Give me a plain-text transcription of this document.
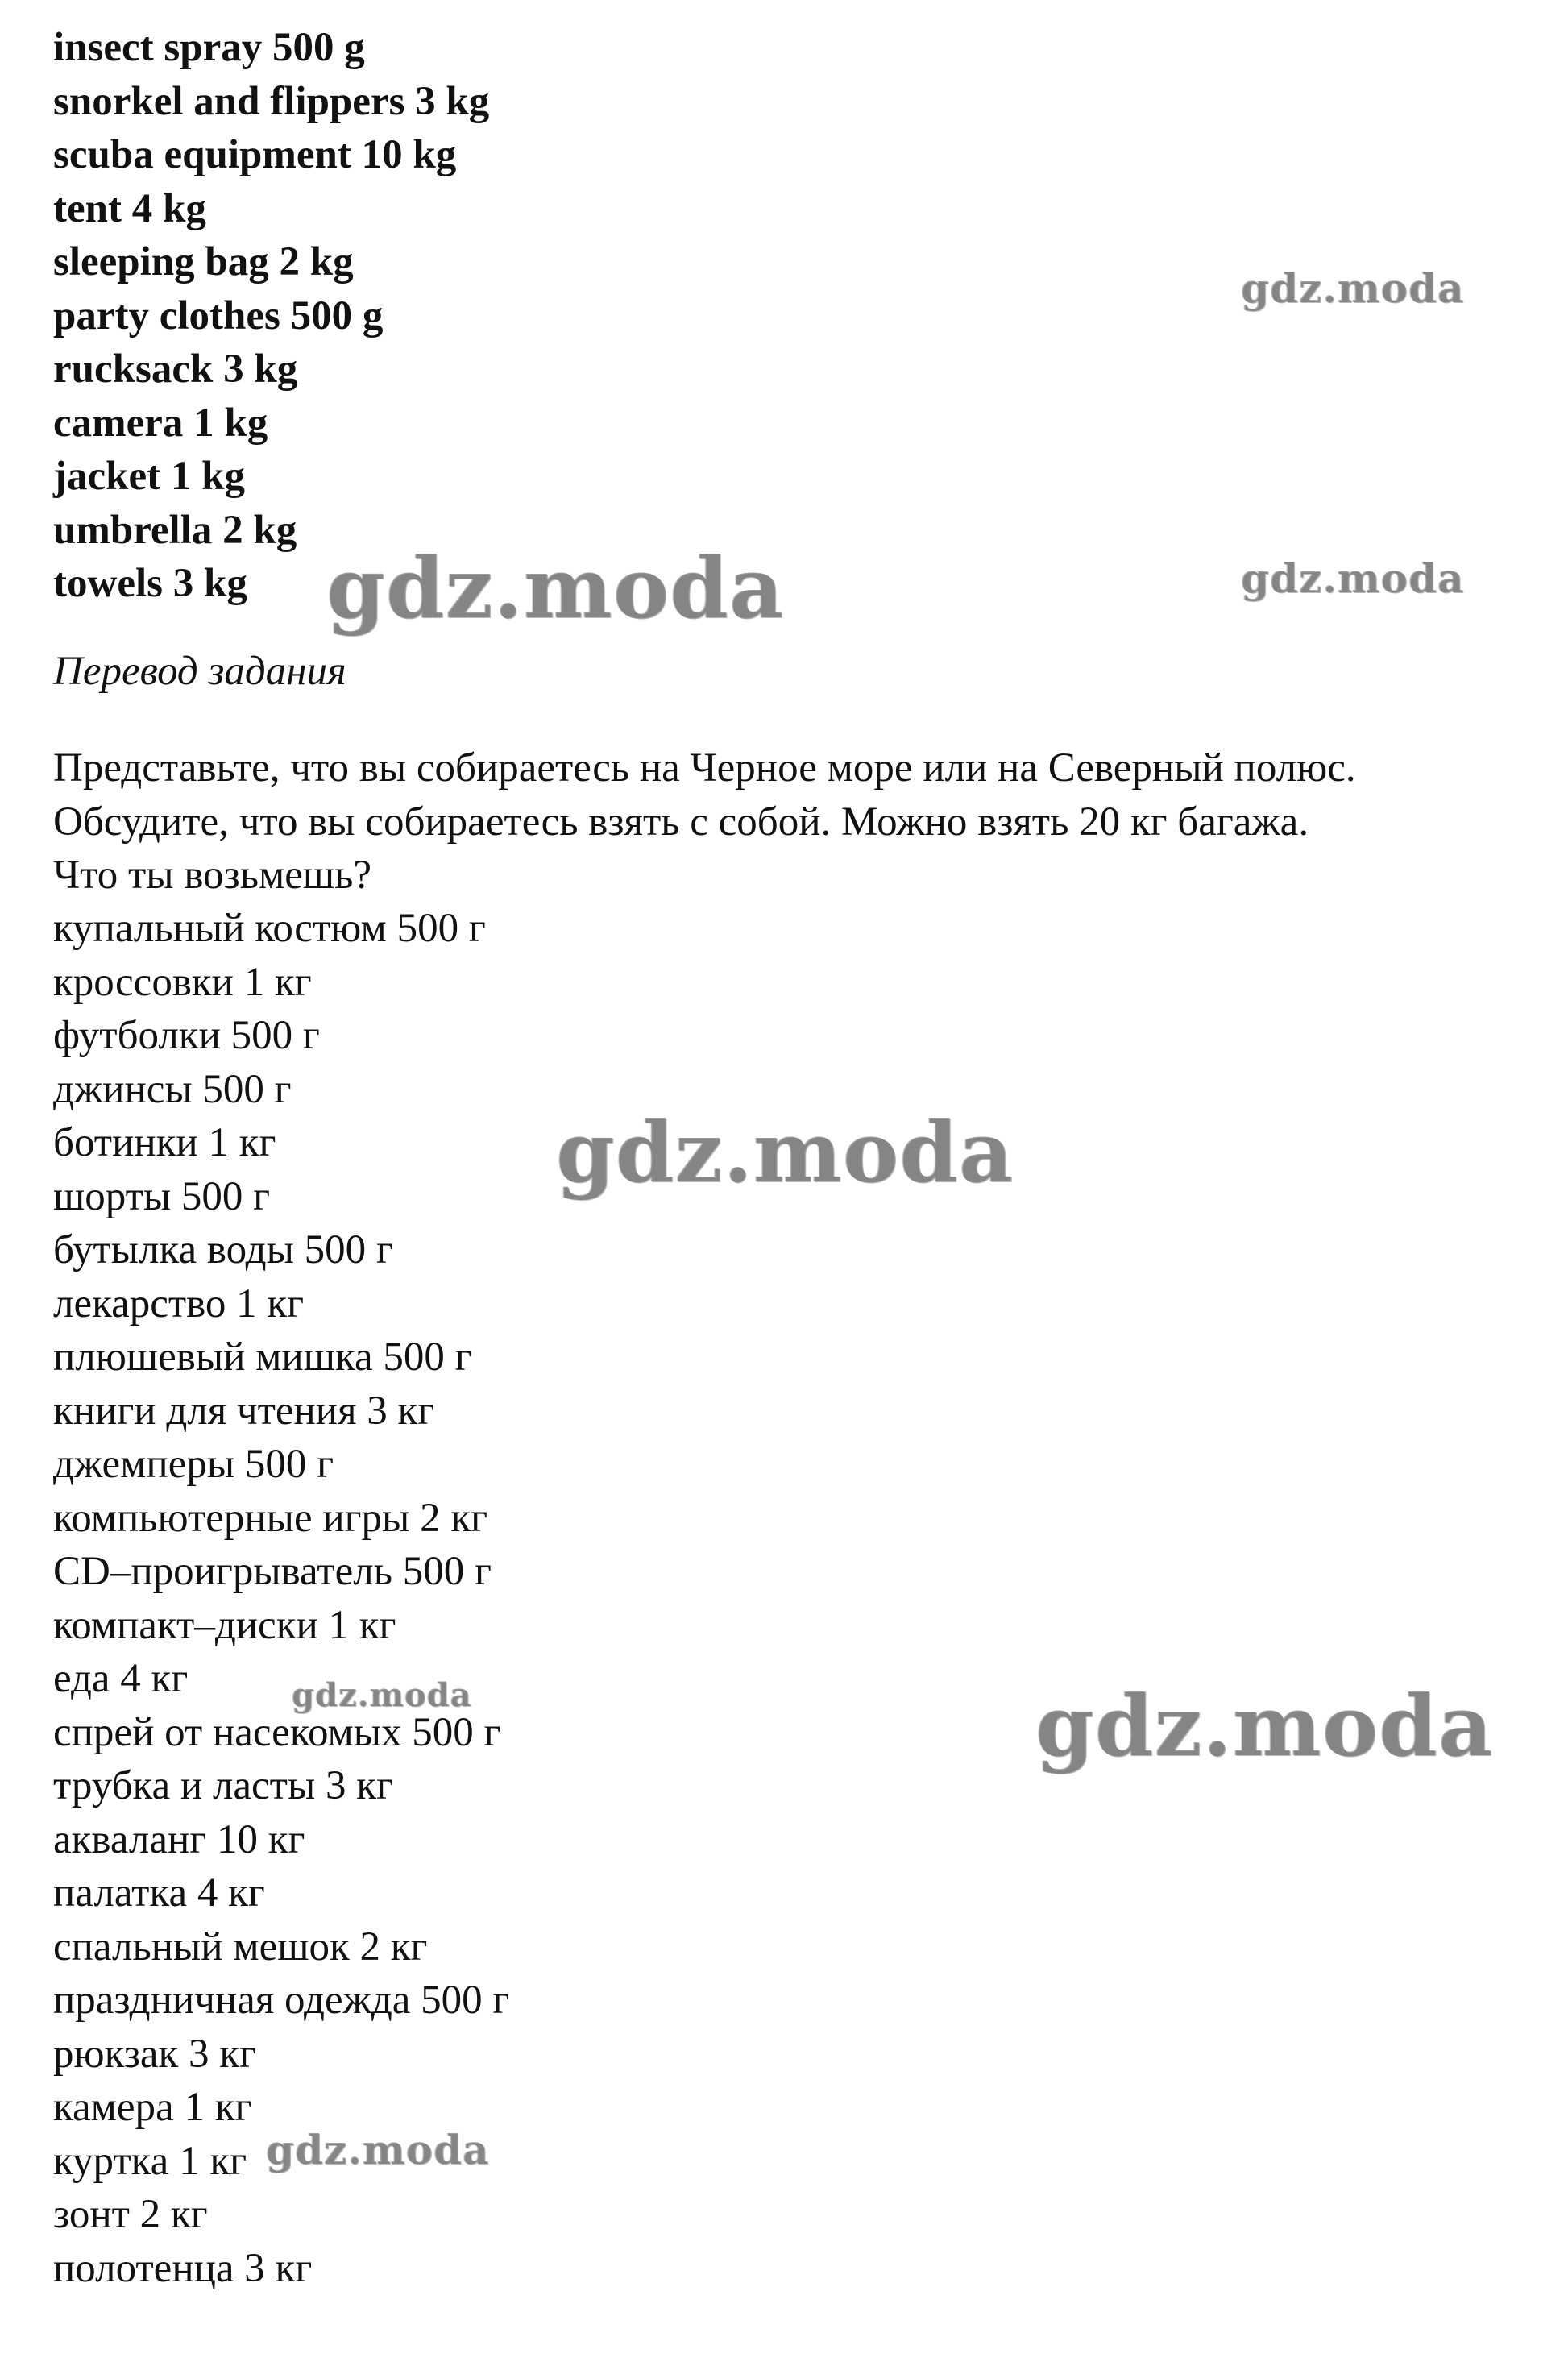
insect spray 500 g
snorkel and flippers 3 kg
scuba equipment 10 kg
tent 4 kg
sleeping bag 2 kg
party clothes 500 g
rucksack 3 kg
camera 1 kg
jacket 1 kg
umbrella 2 kg
towels 3 kg
Перевод задания

Представьте, что вы собираетесь на Черное море или на Северный полюс.
Обсудите, что вы собираетесь взять с собой. Можно взять 20 кг багажа.
Что ты возьмешь?

купальный костюм 500 г
кроссовки 1 кг
футболки 500 г
джинсы 500 г
ботинки 1 кг
шорты 500 г
бутылка воды 500 г
лекарство 1 кг
плюшевый мишка 500 г
книги для чтения 3 кг
джемперы 500 г
компьютерные игры 2 кг
CD–проигрыватель 500 г
компакт–диски 1 кг
еда 4 кг
спрей от насекомых 500 г
трубка и ласты 3 кг
акваланг 10 кг
палатка 4 кг
спальный мешок 2 кг
праздничная одежда 500 г
рюкзак 3 кг
камера 1 кг
куртка 1 кг
зонт 2 кг
полотенца 3 кг
gdz.moda
gdz.moda	gdz.moda
gdz.moda
gdz.moda	gdz.moda
gdz.moda
